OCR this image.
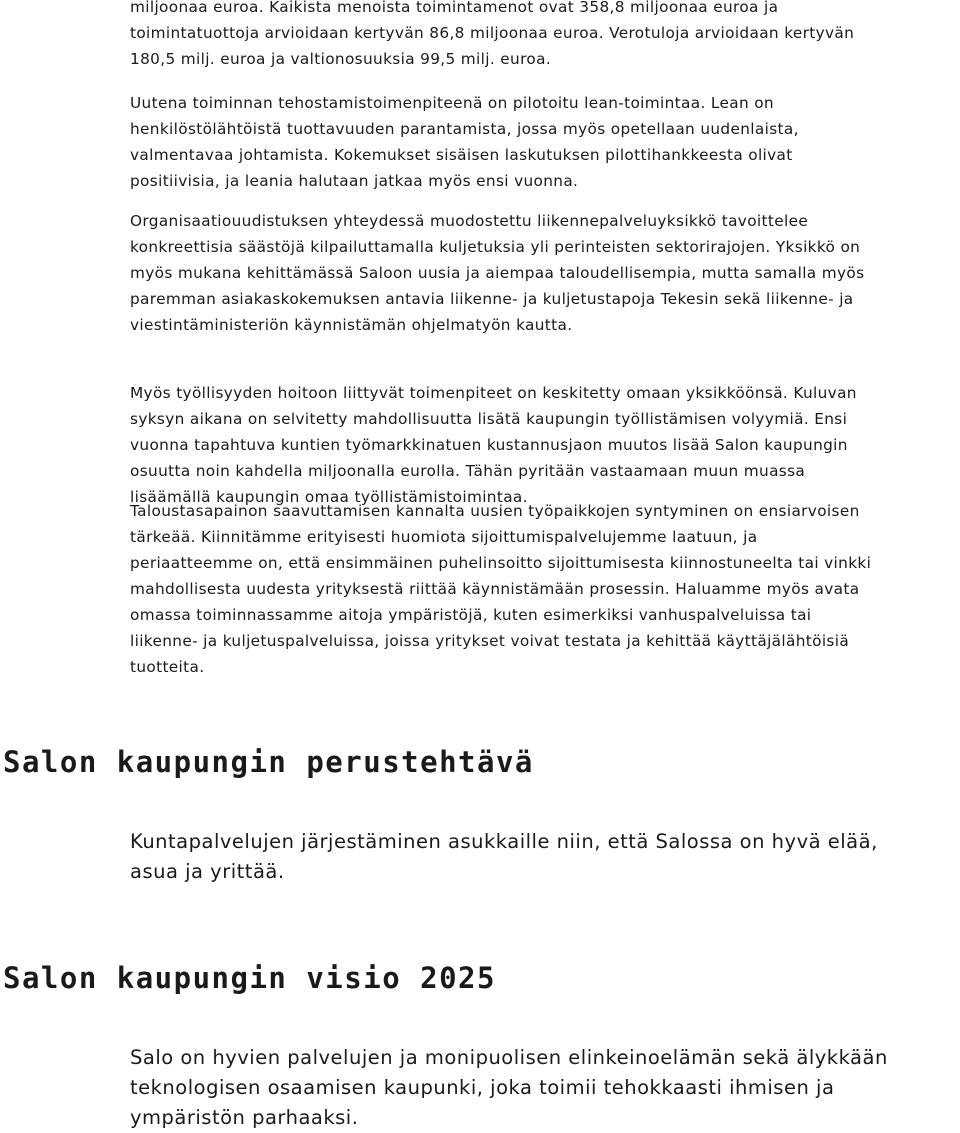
miljoonaa euroa. Kaikista menoista toimintamenot ovat 358,8 miljoonaa euroa ja
toimintatuottoja arvioidaan kertyvän 86,8 miljoonaa euroa. Verotuloja arvioidaan kertyvän
180,5 milj. euroa ja valtionosuuksia 99,5 milj. euroa.

Uutena toiminnan tehostamistoimenpiteenä on pilotoitu lean-toimintaa. Lean on
henkilöstölähtöistä tuottavuuden parantamista, jossa myös opetellaan uudenlaista,
valmentavaa johtamista. Kokemukset sisäisen laskutuksen pilottihankkeesta olivat
positiivisia, ja leania halutaan jatkaa myös ensi vuonna.

Organisaatiouudistuksen yhteydessä muodostettu liikennepalveluyksikkö tavoittelee
konkreettisia säästöjä kilpailuttamalla kuljetuksia yli perinteisten sektorirajojen. Yksikkö on
myös mukana kehittämässä Saloon uusia ja aiempaa taloudellisempia, mutta samalla myös
paremman asiakaskokemuksen antavia liikenne- ja kuljetustapoja Tekesin sekä liikenne- ja
viestintäministeriön käynnistämän ohjelmatyön kautta.

Myös työllisyyden hoitoon liittyvät toimenpiteet on keskitetty omaan yksikköönsä. Kuluvan
syksyn aikana on selvitetty mahdollisuutta lisätä kaupungin työllistämisen volyymiä. Ensi
vuonna tapahtuva kuntien työmarkkinatuen kustannusjaon muutos lisää Salon kaupungin
osuutta noin kahdella miljoonalla eurolla. Tähän pyritään vastaamaan muun muassa
lisäämällä kaupungin omaa työllistämistoimintaa.

Taloustasapainon saavuttamisen kannalta uusien työpaikkojen syntyminen on ensiarvoisen
tärkeää. Kiinnitämme erityisesti huomiota sijoittumispalvelujemme laatuun, ja
periaatteemme on, että ensimmäinen puhelinsoitto sijoittumisesta kiinnostuneelta tai vinkki
mahdollisesta uudesta yrityksestä riittää käynnistämään prosessin. Haluamme myös avata
omassa toiminnassamme aitoja ympäristöjä, kuten esimerkiksi vanhuspalveluissa tai
liikenne- ja kuljetuspalveluissa, joissa yritykset voivat testata ja kehittää käyttäjälähtöisiä
tuotteita.

Salon kaupungin perustehtävä

Kuntapalvelujen järjestäminen asukkaille niin, että Salossa on hyvä elää,
asua ja yrittää.

Salon kaupungin visio 2025

Salo on hyvien palvelujen ja monipuolisen elinkeinoelämän sekä älykkään
teknologisen osaamisen kaupunki, joka toimii tehokkaasti ihmisen ja
ympäristön parhaaksi.
